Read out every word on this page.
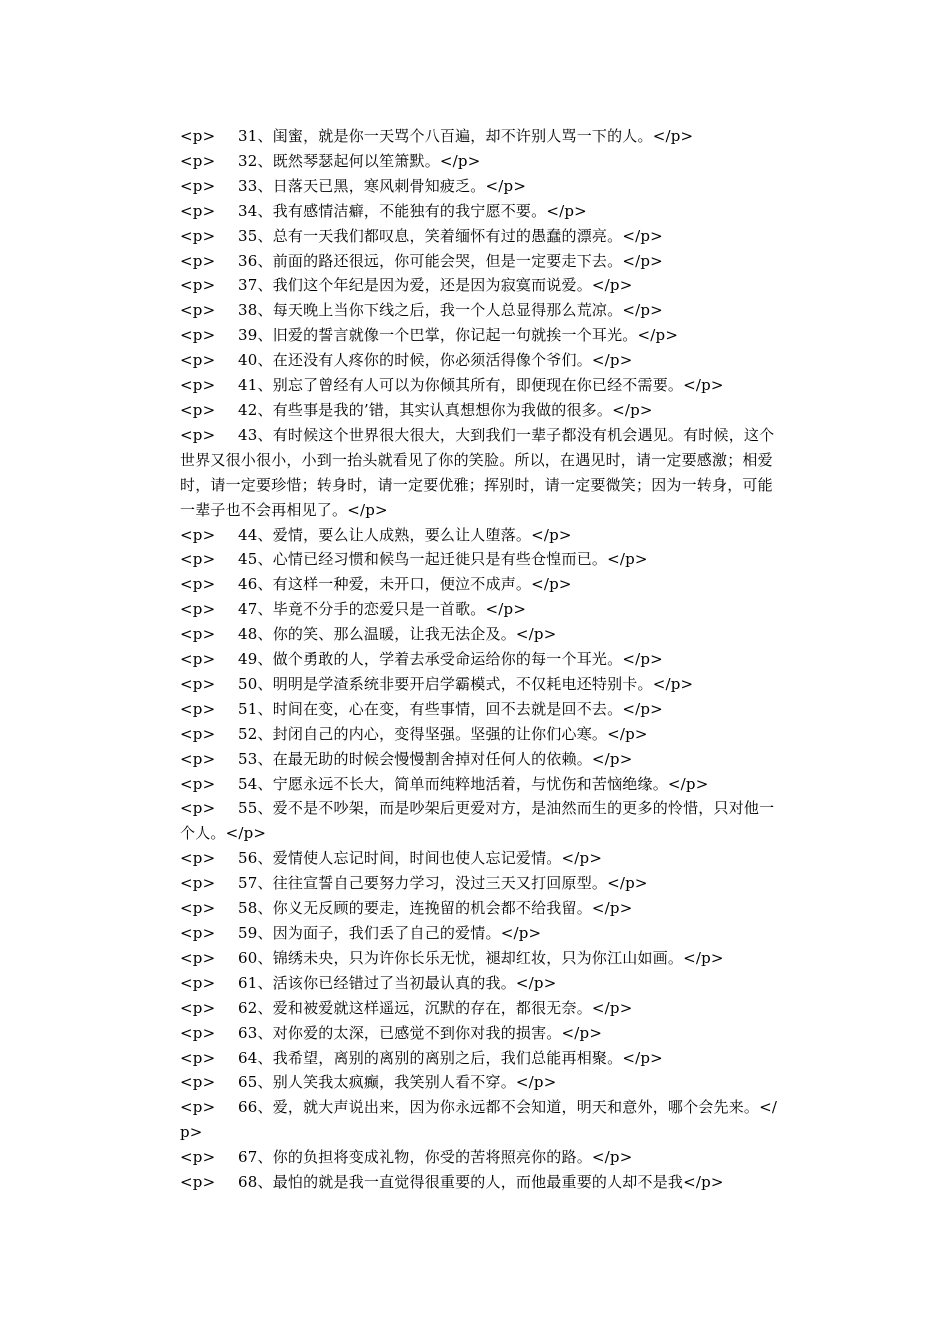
<p> 31、闺蜜，就是你一天骂个八百遍，却不许别人骂一下的人。</p>

<p> 32、既然琴瑟起何以笙箫默。</p>

<p> 33、日落天已黑，寒风刺骨知疲乏。</p>

<p> 34、我有感情洁癖，不能独有的我宁愿不要。</p>

<p> 35、总有一天我们都叹息，笑着缅怀有过的愚蠢的漂亮。</p>

<p> 36、前面的路还很远，你可能会哭，但是一定要走下去。</p>

<p> 37、我们这个年纪是因为爱，还是因为寂寞而说爱。</p>

<p> 38、每天晚上当你下线之后，我一个人总显得那么荒凉。</p>

<p> 39、旧爱的誓言就像一个巴掌，你记起一句就挨一个耳光。</p>

<p> 40、在还没有人疼你的时候，你必须活得像个爷们。</p>

<p> 41、别忘了曾经有人可以为你倾其所有，即便现在你已经不需要。</p>

<p> 42、有些事是我的’错，其实认真想想你为我做的很多。</p>

<p> 43、有时候这个世界很大很大，大到我们一辈子都没有机会遇见。有时候，这个世界又很小很小，小到一抬头就看见了你的笑脸。所以，在遇见时，请一定要感激；相爱时，请一定要珍惜；转身时，请一定要优雅；挥别时，请一定要微笑；因为一转身，可能一辈子也不会再相见了。</p>

<p> 44、爱情，要么让人成熟，要么让人堕落。</p>

<p> 45、心情已经习惯和候鸟一起迁徙只是有些仓惶而已。</p>

<p> 46、有这样一种爱，未开口，便泣不成声。</p>

<p> 47、毕竟不分手的恋爱只是一首歌。</p>

<p> 48、你的笑、那么温暖，让我无法企及。</p>

<p> 49、做个勇敢的人，学着去承受命运给你的每一个耳光。</p>

<p> 50、明明是学渣系统非要开启学霸模式，不仅耗电还特别卡。</p>

<p> 51、时间在变，心在变，有些事情，回不去就是回不去。</p>

<p> 52、封闭自己的内心，变得坚强。坚强的让你们心寒。</p>

<p> 53、在最无助的时候会慢慢割舍掉对任何人的依赖。</p>

<p> 54、宁愿永远不长大，简单而纯粹地活着，与忧伤和苦恼绝缘。</p>

<p> 55、爱不是不吵架，而是吵架后更爱对方，是油然而生的更多的怜惜，只对他一个人。</p>

<p> 56、爱情使人忘记时间，时间也使人忘记爱情。</p>

<p> 57、往往宣誓自己要努力学习，没过三天又打回原型。</p>

<p> 58、你义无反顾的要走，连挽留的机会都不给我留。</p>

<p> 59、因为面子，我们丢了自己的爱情。</p>

<p> 60、锦绣未央，只为许你长乐无忧，褪却红妆，只为你江山如画。</p>

<p> 61、活该你已经错过了当初最认真的我。</p>

<p> 62、爱和被爱就这样遥远，沉默的存在，都很无奈。</p>

<p> 63、对你爱的太深，已感觉不到你对我的损害。</p>

<p> 64、我希望，离别的离别的离别之后，我们总能再相聚。</p>

<p> 65、别人笑我太疯癫，我笑别人看不穿。</p>

<p> 66、爱，就大声说出来，因为你永远都不会知道，明天和意外，哪个会先来。</p>

<p> 67、你的负担将变成礼物，你受的苦将照亮你的路。</p>

<p> 68、最怕的就是我一直觉得很重要的人，而他最重要的人却不是我</p>
